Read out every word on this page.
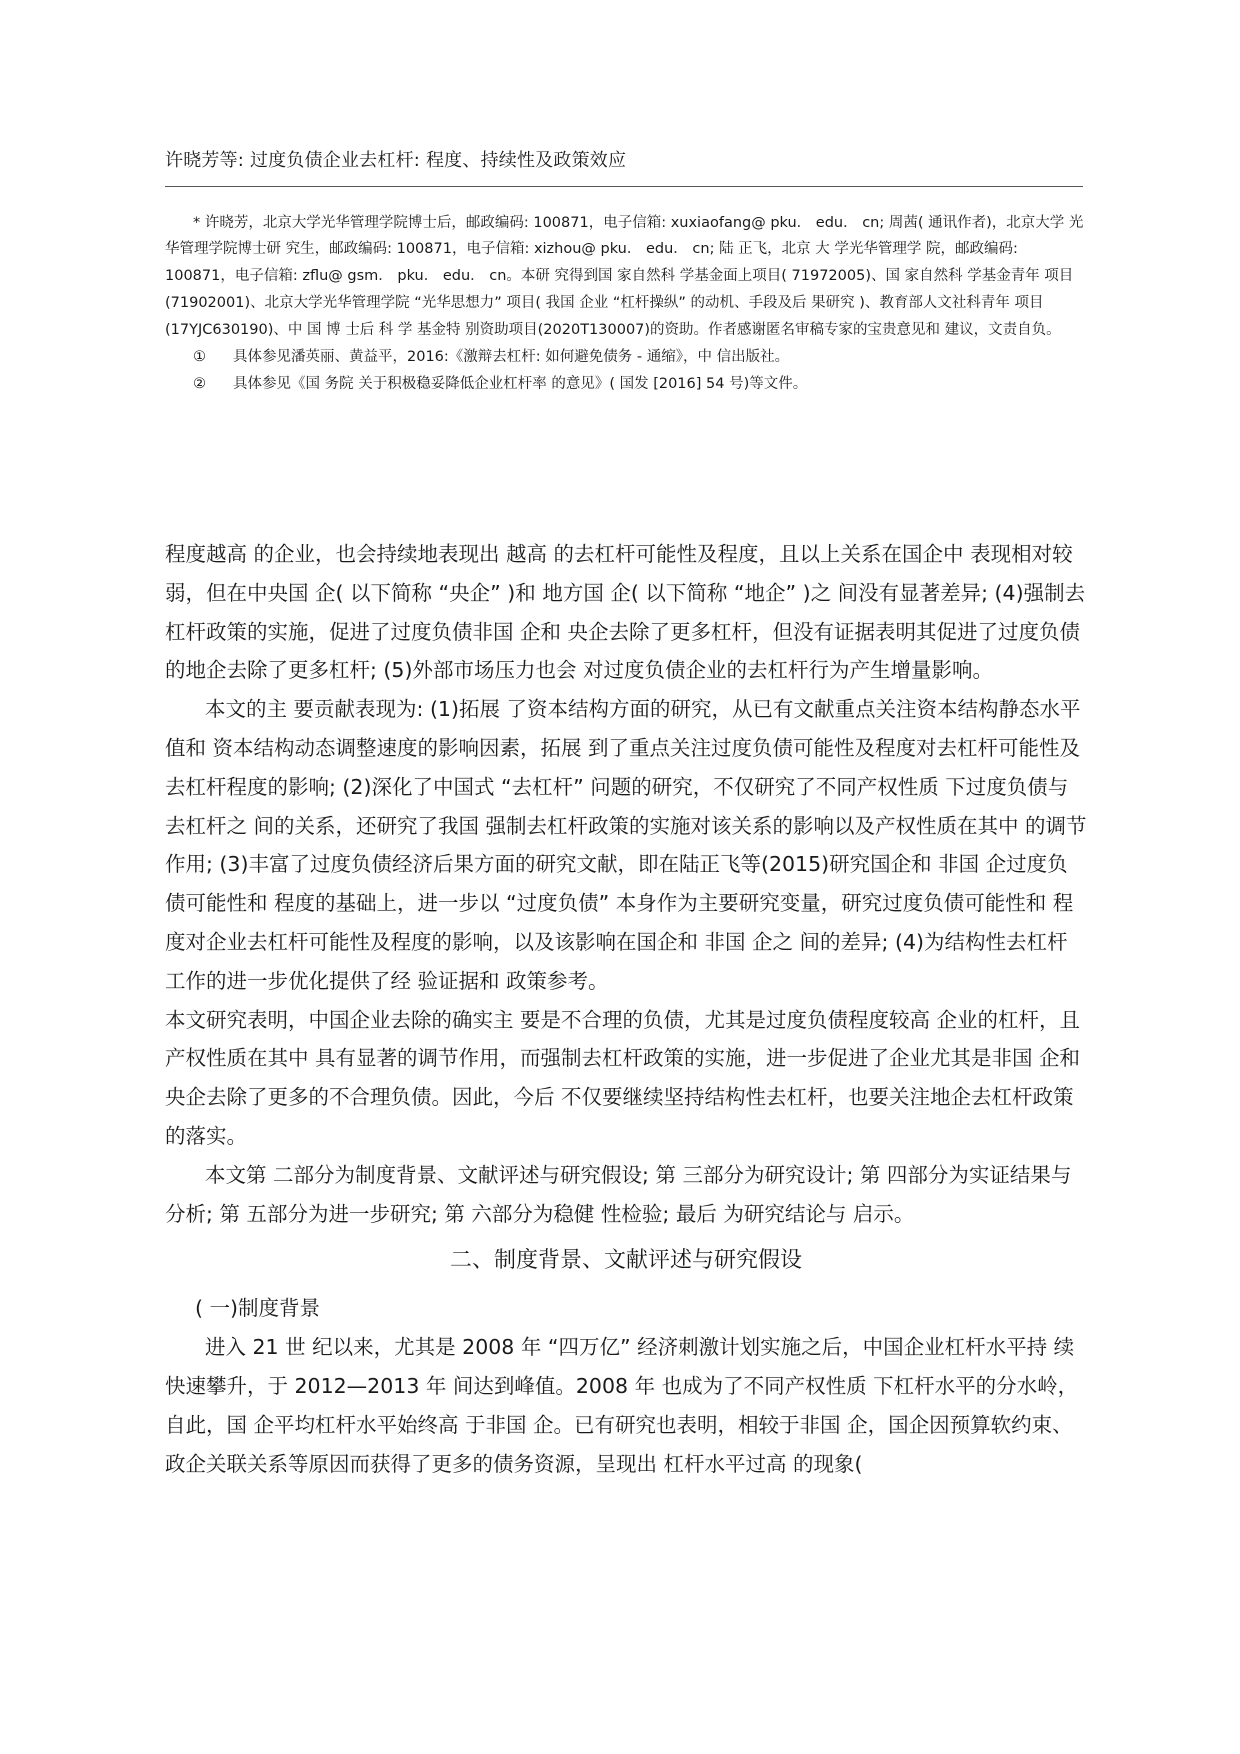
许晓芳等: 过度负债企业去杠杆: 程度、持续性及政策效应

* 许晓芳，北京大学光华管理学院博士后，邮政编码: 100871，电子信箱: xuxiaofang@ pku． edu． cn; 周茜( 通讯作者)，北京大学 光华管理学院博士研 究生，邮政编码: 100871，电子信箱: xizhou@ pku． edu． cn; 陆 正飞，北京 大 学光华管理学 院，邮政编码:

100871，电子信箱: zflu@ gsm． pku． edu． cn。本研 究得到国 家自然科 学基金面上项目( 71972005)、国 家自然科 学基金青年 项目

(71902001)、北京大学光华管理学院 “光华思想力” 项目( 我国 企业 “杠杆操纵” 的动机、手段及后 果研究 )、教育部人文社科青年 项目

(17YJC630190)、中 国 博 士后 科 学 基金特 别资助项目(2020T130007)的资助。作者感谢匿名审稿专家的宝贵意见和 建议，文责自负。

① 具体参见潘英丽、黄益平，2016:《激辩去杠杆: 如何避免债务 - 通缩》，中 信出版社。

② 具体参见《国 务院 关于积极稳妥降低企业杠杆率 的意见》( 国发 [2016] 54 号)等文件。

程度越高 的企业，也会持续地表现出 越高 的去杠杆可能性及程度，且以上关系在国企中 表现相对较弱，但在中央国 企( 以下简称 “央企” )和 地方国 企( 以下简称 “地企” )之 间没有显著差异; (4)强制去杠杆政策的实施，促进了过度负债非国 企和 央企去除了更多杠杆，但没有证据表明其促进了过度负债的地企去除了更多杠杆; (5)外部市场压力也会 对过度负债企业的去杠杆行为产生增量影响。

本文的主 要贡献表现为: (1)拓展 了资本结构方面的研究，从已有文献重点关注资本结构静态水平值和 资本结构动态调整速度的影响因素，拓展 到了重点关注过度负债可能性及程度对去杠杆可能性及去杠杆程度的影响; (2)深化了中国式 “去杠杆” 问题的研究，不仅研究了不同产权性质 下过度负债与 去杠杆之 间的关系，还研究了我国 强制去杠杆政策的实施对该关系的影响以及产权性质在其中 的调节作用; (3)丰富了过度负债经济后果方面的研究文献，即在陆正飞等(2015)研究国企和 非国 企过度负债可能性和 程度的基础上，进一步以 “过度负债” 本身作为主要研究变量，研究过度负债可能性和 程度对企业去杠杆可能性及程度的影响，以及该影响在国企和 非国 企之 间的差异; (4)为结构性去杠杆工作的进一步优化提供了经 验证据和 政策参考。

本文研究表明，中国企业去除的确实主 要是不合理的负债，尤其是过度负债程度较高 企业的杠杆，且产权性质在其中 具有显著的调节作用，而强制去杠杆政策的实施，进一步促进了企业尤其是非国 企和 央企去除了更多的不合理负债。因此，今后 不仅要继续坚持结构性去杠杆，也要关注地企去杠杆政策的落实。

本文第 二部分为制度背景、文献评述与研究假设; 第 三部分为研究设计; 第 四部分为实证结果与 分析; 第 五部分为进一步研究; 第 六部分为稳健 性检验; 最后 为研究结论与 启示。

二、制度背景、文献评述与研究假设

( 一)制度背景

进入 21 世 纪以来，尤其是 2008 年 “四万亿” 经济刺激计划实施之后，中国企业杠杆水平持 续快速攀升，于 2012—2013 年 间达到峰值。2008 年 也成为了不同产权性质 下杠杆水平的分水岭，自此，国 企平均杠杆水平始终高 于非国 企。已有研究也表明，相较于非国 企，国企因预算软约束、政企关联关系等原因而获得了更多的债务资源，呈现出 杠杆水平过高 的现象(
